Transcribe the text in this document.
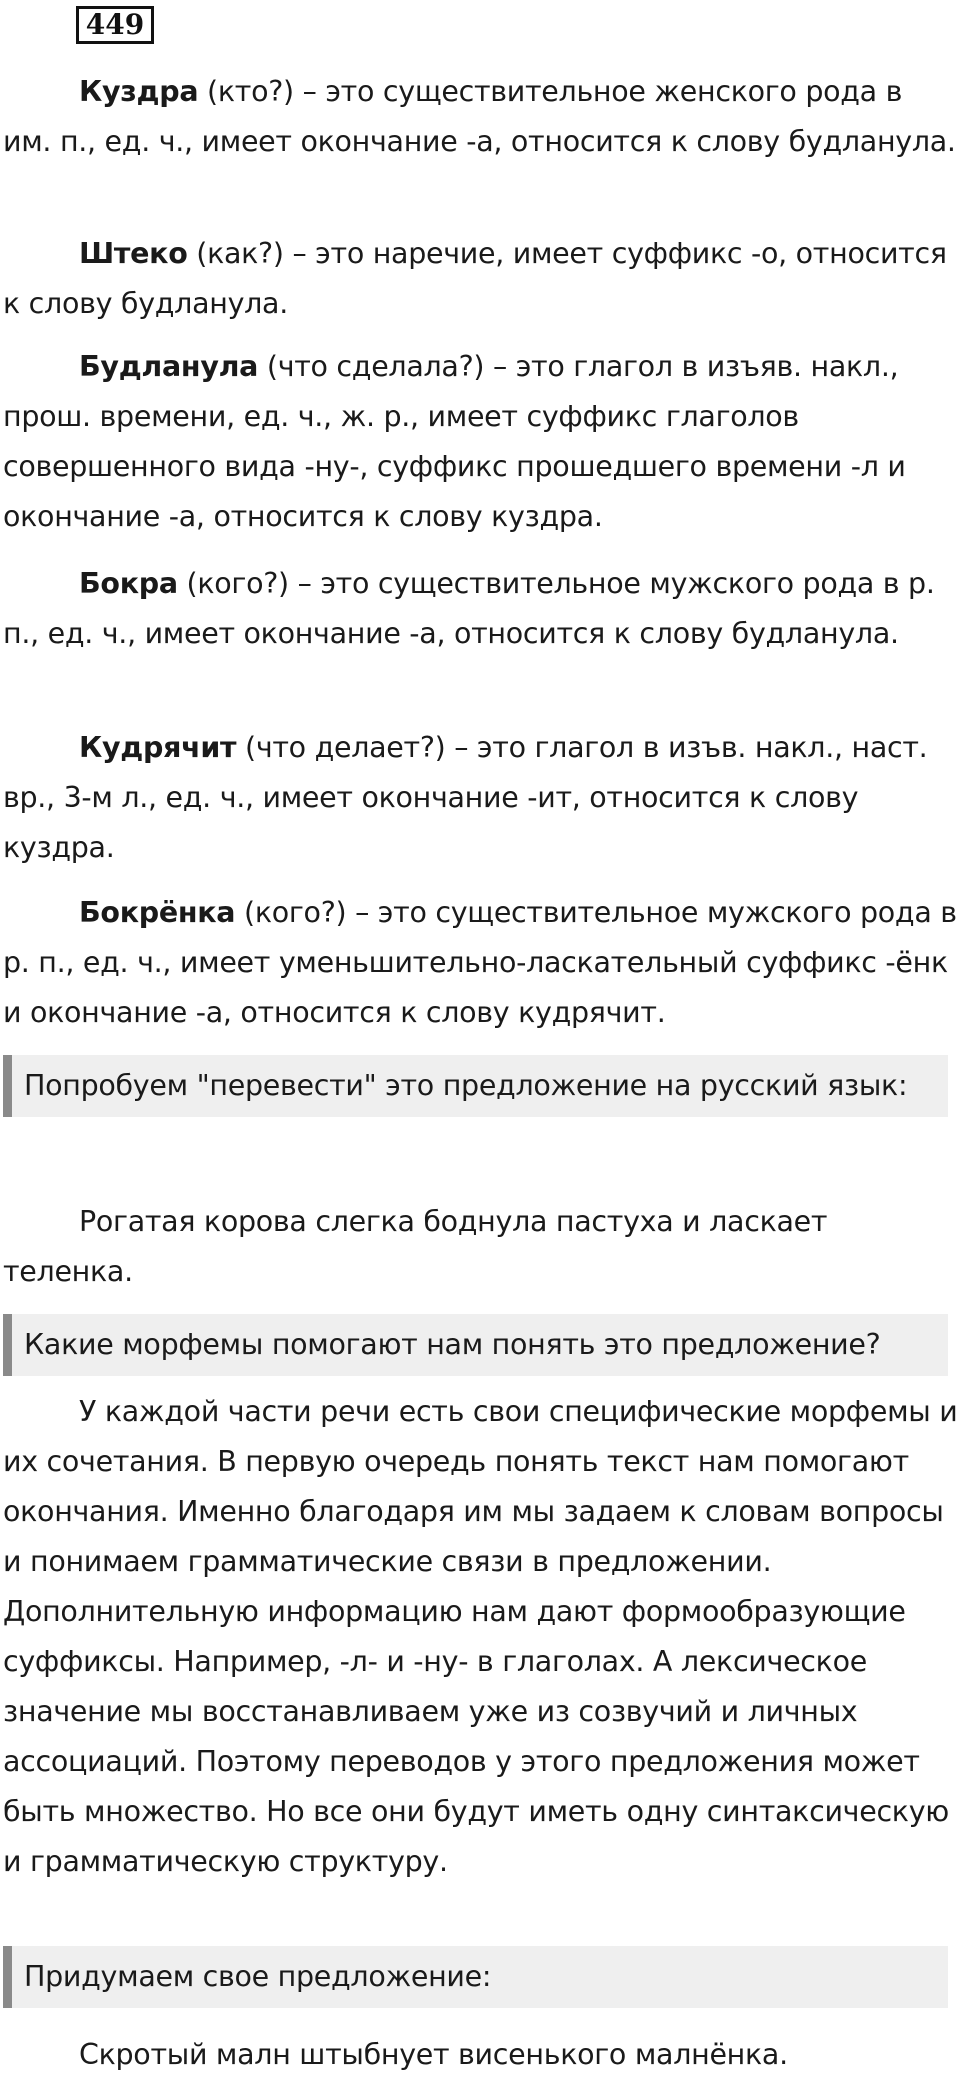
449

Куздра (кто?) – это существительное женского рода в им. п., ед. ч., имеет окончание -а, относится к слову будланула.

Штеко (как?) – это наречие, имеет суффикс -о, относится к слову будланула.

Будланула (что сделала?) – это глагол в изъяв. накл., прош. времени, ед. ч., ж. р., имеет суффикс глаголов совершенного вида -ну-, суффикс прошедшего времени -л и окончание -а, относится к слову куздра.

Бокра (кого?) – это существительное мужского рода в р. п., ед. ч., имеет окончание -а, относится к слову будланула.

Кудрячит (что делает?) – это глагол в изъв. накл., наст. вр., 3-м л., ед. ч., имеет окончание -ит, относится к слову куздра.

Бокрёнка (кого?) – это существительное мужского рода в р. п., ед. ч., имеет уменьшительно-ласкательный суффикс -ёнк и окончание -а, относится к слову кудрячит.

Попробуем "перевести" это предложение на русский язык:

Рогатая корова слегка боднула пастуха и ласкает теленка.

Какие морфемы помогают нам понять это предложение?

У каждой части речи есть свои специфические морфемы и их сочетания. В первую очередь понять текст нам помогают окончания. Именно благодаря им мы задаем к словам вопросы и понимаем грамматические связи в предложении. Дополнительную информацию нам дают формообразующие суффиксы. Например, -л- и -ну- в глаголах. А лексическое значение мы восстанавливаем уже из созвучий и личных ассоциаций. Поэтому переводов у этого предложения может быть множество. Но все они будут иметь одну синтаксическую и грамматическую структуру.

Придумаем свое предложение:

Скротый малн штыбнует висенького малнёнка.
